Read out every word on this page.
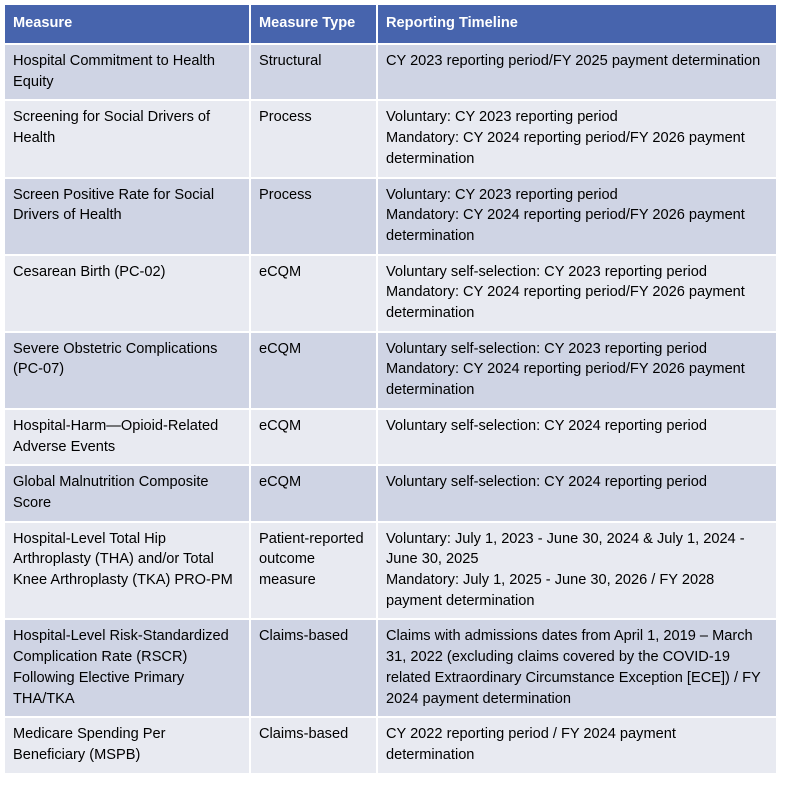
Measure	Measure Type	Reporting Timeline
Hospital Commitment to Health Equity	Structural	CY 2023 reporting period/FY 2025 payment determination

Screening for Social Drivers of Health	Process	Voluntary: CY 2023 reporting period
Mandatory: CY 2024 reporting period/FY 2026 payment determination

Screen Positive Rate for Social Drivers of Health	Process	Voluntary: CY 2023 reporting period
Mandatory: CY 2024 reporting period/FY 2026 payment determination

Cesarean Birth (PC-02)	eCQM	Voluntary self-selection: CY 2023 reporting period
Mandatory: CY 2024 reporting period/FY 2026 payment determination

Severe Obstetric Complications (PC-07)	eCQM	Voluntary self-selection: CY 2023 reporting period
Mandatory: CY 2024 reporting period/FY 2026 payment determination

Hospital-Harm—Opioid-Related Adverse Events	eCQM	Voluntary self-selection: CY 2024 reporting period

Global Malnutrition Composite Score	eCQM	Voluntary self-selection: CY 2024 reporting period

Hospital-Level Total Hip Arthroplasty (THA) and/or Total Knee Arthroplasty (TKA) PRO-PM	Patient-reported outcome measure	Voluntary: July 1, 2023 - June 30, 2024 & July 1, 2024 - June 30, 2025
Mandatory: July 1, 2025 - June 30, 2026 / FY 2028 payment determination

Hospital-Level Risk-Standardized Complication Rate (RSCR) Following Elective Primary THA/TKA	Claims-based	Claims with admissions dates from April 1, 2019 – March 31, 2022 (excluding claims covered by the COVID-19 related Extraordinary Circumstance Exception [ECE]) / FY 2024 payment determination

Medicare Spending Per Beneficiary (MSPB)	Claims-based	CY 2022 reporting period / FY 2024 payment determination
